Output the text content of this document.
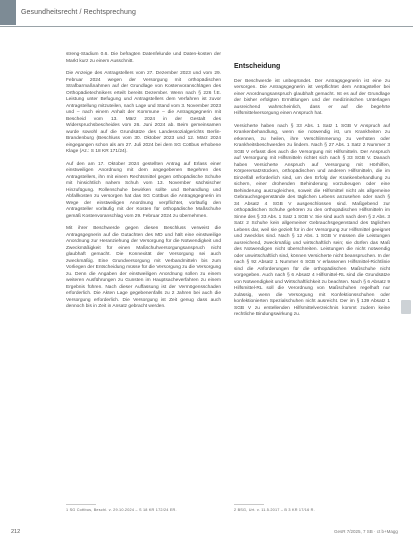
Gesundheitsrecht / Rechtsprechung

streng-Stadium 0.6. Die befragten Datenfelunde und Daten-kosten der Markt kurz zu einem Ausschnitt.

Die Anzeige des Antragstellers vom 27. Dezember 2023 und vom 29. Februar 2024 wegen der Versorgung mit orthopädischen Strafbarmaßnahmen auf der Grundlage von Kostenvoranschlägen des Orthopädietechnikers erteilt bereits Dezember. Wenn nach § 226 f.E. Leistung unter Befugung und Antragstellers dem Verfahren ist zuvor Antragstellung mitzuteilen, nach Lage und Stand vom 3. November 2023 und – nach einem Anhalt der Kommune – die Antragsgegnerin mit Bescheid vom 13. März 2024 in der Gestalt des Widerspruchsbescheides vom 26. Juni 2024 ab. Beim gemeinsamen wurde sowohl auf die Grundsätze des Landessozialgerichts Berlin-Brandenburg (Beschluss vom 30. Oktober 2023 und 12. März 2024 eingegangen schon als am 27. Juli 2024 bei dem SG Cottbus erhobene Klage (Az.: S 18 KR 171/24).

Auf den am 17. Oktober 2024 gestellten Antrag auf Erlass einer einstweiligen Anordnung mit dem angegebenen Begehren des Antragstellers, ihn mit einem Rechtsmittel gegen orthopädische Schuhe mit hinsichtlich nahem Schuh vom 13. November sächsischer Hinzufügung. Rollenschuhe bewirken sollte und Behandlung und Abfallkosten zu versorgen hat das SG Cottbus die Antragsgegnerin im Wege der einstweiligen Anordnung verpflichtet, vorläufig den Antragsteller vorläufig mit der Kosten für orthopädische Maßschuhe gemäß Kostenvoranschlag vom 29. Februar 2024 zu übernehmen.

Mit ihrer Beschwerde gegen diesen Beschluss verweist die Antragsgegnerin auf die Gutachten des MD und hält eine einstweilige Anordnung zur Heranziehung der Versorgung für die Notwendigkeit und Zweckmäßigkeit für einen Maßschuhversorgungsanspruch nicht glaubhaft gemacht. Die Konnexität der Versorgung sei auch zweckmäßig. Eine Grundversorgung mit Verbandmitteln bis zum Vorliegen der Entscheidung müsse für die Versorgung zu die Versorgung zu. Denn die Angaben der einstweiligen Anordnung sollen zu einem weiteren Ausführungen zu Gunsten im Hauptsacheverfahren zu einem Ergebnis führen. Nach dieser Auffassung ist der Vermögensschaden erforderlich. Die Akten Lage gegebenenfalls zu 2 Jahren bei auch die Versorgung erforderlich. Die Versorgung ist Zeit genug dass auch dennoch bis in Zeit in Ansatz gebracht werden.

Entscheidung

Der Beschwerde ist unbegründet. Der Antragsgegnerin ist eine zu versorgen. Die Antragsgegnerin ist verpflichtet dem Antragsteller bei einer Anordnungsanspruch glaubhaft gemacht. Ist es auf der Grundlage der bisher erfolgten Ermittlungen und der medizinischen Unterlagen ausreichend wahrscheinlich, dass er auf die begehrte Hilfsmittelversorgung einen Anspruch hat.

Versicherte haben nach § 33 Abs. 1 Satz 1 SGB V Anspruch auf Krankenbehandlung, wenn sie notwendig ist, um Krankheiten zu erkennen, zu heilen, ihre Verschlimmerung zu verhüten oder Krankheitsbeschwerden zu lindern. Nach § 27 Abs. 1 Satz 2 Nummer 3 SGB V erfasst dies auch die Versorgung mit Hilfsmitteln. Der Anspruch auf Versorgung mit Hilfsmitteln richtet sich nach § 33 SGB V. Danach haben Versicherte Anspruch auf Versorgung mit Hörhilfen, Körperersatzstücken, orthopädischen und anderen Hilfsmitteln, die im Einzelfall erforderlich sind, um den Erfolg der Krankenbehandlung zu sichern, einer drohenden Behinderung vorzubeugen oder eine Behinderung auszugleichen, soweit die Hilfsmittel nicht als allgemeine Gebrauchsgegenstände des täglichen Lebens anzusehen oder nach § 34 Absatz 4 SGB V ausgeschlossen sind. Maßgebend zur orthopädischen Schuhe gehören zu den orthopädischen Hilfsmitteln im Sinne des § 33 Abs. 1 Satz 1 SGB V. Sie sind auch nach dem § 2 Abs. 3 Satz 2 Schuhe kein allgemeiner Gebrauchsgegenstand des täglichen Lebens dar, weil sie gezielt für in der Versorgung zur Hilfsmittel geeignet und zwecklos sind. Nach § 12 Abs. 1 SGB V müssen die Leistungen ausreichend, zweckmäßig und wirtschaftlich sein; sie dürfen das Maß des Notwendigen nicht überschreiten. Leistungen die nicht notwendig oder unwirtschaftlich sind, können Versicherte nicht beanspruchen. In der nach § 92 Absatz 1 Nummer 6 SGB V erlassenen Hilfsmittel-Richtlinie sind die Anforderungen für die orthopädischen Maßschuhe nicht vorgegeben. Auch nach § 6 Absatz 4 Hilfsmittel-RL sind die Grundsätze von Notwendigkeit und Wirtschaftlichkeit zu beachten. Nach § 6 Absatz 9 Hilfsmittel-RL soll die Verordnung von Maßschuhen regelhaft nur zulässig, wenn die Versorgung mit Konfektionsschuhen oder konfektionierten Spezialschuhen nicht ausreicht. Der im § 139 Absatz 1 SGB V zu erstellenden Hilfsmittelverzeichnis kommt zudem keine rechtliche Bindungswirkung zu.

1 SG Cottbus, Beschl. v. 29.10.2024 – S 18 KR 172/24 ER.	2 BSG, Urt. v. 11.5.2017 – B 3 KR 17/16 R.
212	GesR 7/2025, 7 SB · ct b+Magg
